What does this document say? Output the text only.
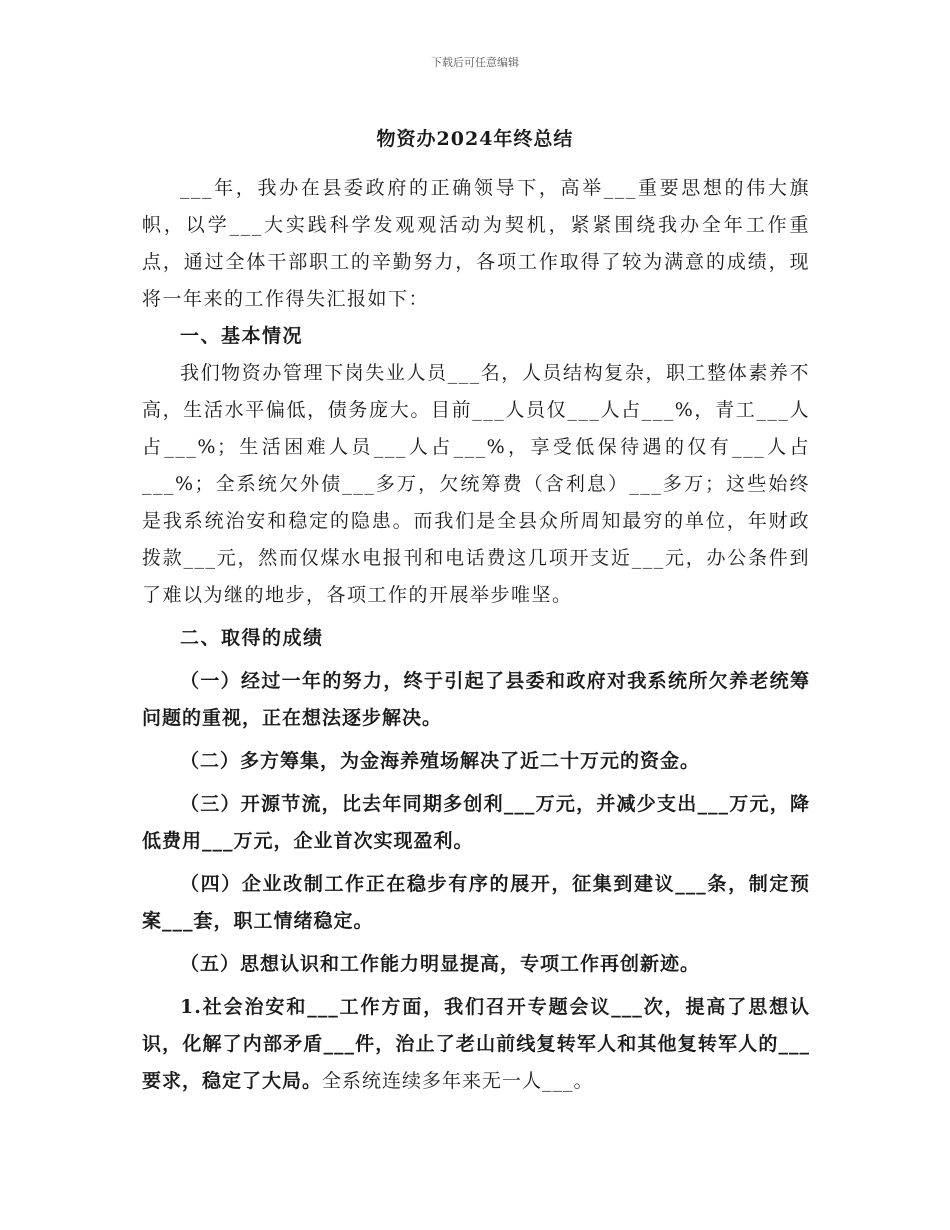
下载后可任意编辑
物资办2024年终总结

___年，我办在县委政府的正确领导下，高举___重要思想的伟大旗帜，以学___大实践科学发观观活动为契机，紧紧围绕我办全年工作重点，通过全体干部职工的辛勤努力，各项工作取得了较为满意的成绩，现将一年来的工作得失汇报如下：

一、基本情况

我们物资办管理下岗失业人员___名，人员结构复杂，职工整体素养不高，生活水平偏低，债务庞大。目前___人员仅___人占___%，青工___人占___%；生活困难人员___人占___%，享受低保待遇的仅有___人占___%；全系统欠外债___多万，欠统筹费（含利息）___多万；这些始终是我系统治安和稳定的隐患。而我们是全县众所周知最穷的单位，年财政拨款___元，然而仅煤水电报刊和电话费这几项开支近___元，办公条件到了难以为继的地步，各项工作的开展举步唯坚。

二、取得的成绩

（一）经过一年的努力，终于引起了县委和政府对我系统所欠养老统筹问题的重视，正在想法逐步解决。

（二）多方筹集，为金海养殖场解决了近二十万元的资金。

（三）开源节流，比去年同期多创利___万元，并减少支出___万元，降低费用___万元，企业首次实现盈利。

（四）企业改制工作正在稳步有序的展开，征集到建议___条，制定预案___套，职工情绪稳定。

（五）思想认识和工作能力明显提高，专项工作再创新迹。

1.社会治安和___工作方面，我们召开专题会议___次，提高了思想认识，化解了内部矛盾___件，治止了老山前线复转军人和其他复转军人的___要求，稳定了大局。全系统连续多年来无一人___。
